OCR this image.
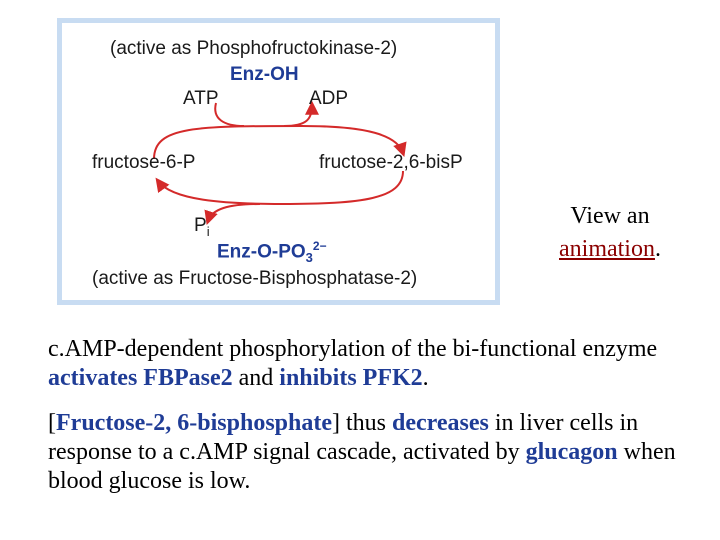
(active as Phosphofructokinase-2)
Enz-OH
ATP	ADP
fructose-6-P	fructose-2,6-bisP
$P_i$
Enz-$O-PO_3^{2-}$
(active as Fructose-Bisphosphatase-2)
View an
animation.

c.AMP-dependent phosphorylation of the bi-functional enzyme activates FBPase2 and inhibits PFK2.

[Fructose-2, 6-bisphosphate] thus decreases in liver cells in response to a c.AMP signal cascade, activated by glucagon when blood glucose is low.
